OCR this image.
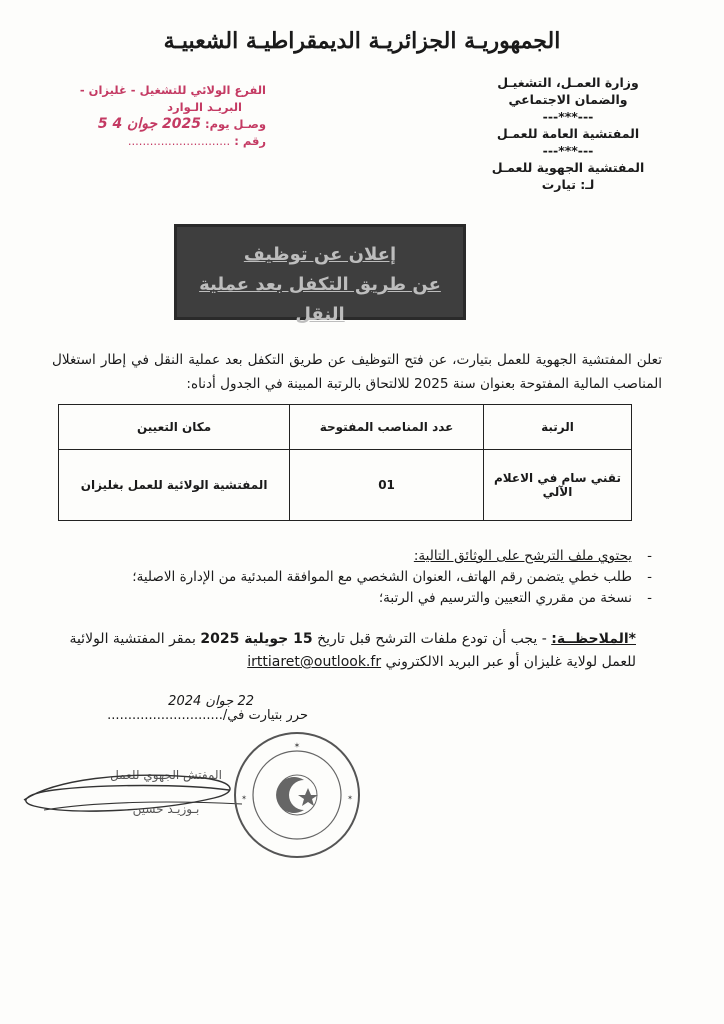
الجمهوريـة الجزائريـة الديمقراطيـة الشعبيـة
وزارة العمـل، التشغيـل
والضمان الاجتماعي
---***---
المفتشية العامة للعمـل
---***---
المفتشية الجهوية للعمـل
لـ: تيارت
الفرع الولائي للتشغيل - غليزان -
البريـد الـوارد
وصـل يوم: 2025 جوان 4 5
رقم : ............................
إعلان عن توظيف
عن طريق التكفل بعد عملية النقل
تعلن المفتشية الجهوية للعمل بتيارت، عن فتح التوظيف عن طريق التكفل بعد عملية النقل في إطار استغلال المناصب المالية المفتوحة بعنوان سنة 2025 للالتحاق بالرتبة المبينة في الجدول أدناه:
الرتبة	عدد المناصب المفتوحة	مكان التعيين
تقني سام في الاعلام الآلي	01	المفتشية الولائية للعمل بغليزان
- يحتوي ملف الترشح على الوثائق التالية:
- طلب خطي يتضمن رقم الهاتف، العنوان الشخصي مع الموافقة المبدئية من الإدارة الاصلية؛
- نسخة من مقرري التعيين والترسيم في الرتبة؛
*الملاحظــة: - يجب أن تودع ملفات الترشح قبل تاريخ 15 جويلية 2025 بمقر المفتشية الولائية للعمل لولاية غليزان أو عبر البريد الالكتروني irttiaret@outlook.fr
22 جوان 2024
حرر بتيارت في/............................
المفتش الجهوي للعمل
بـوزيـد حسين
✶
✶	✶
